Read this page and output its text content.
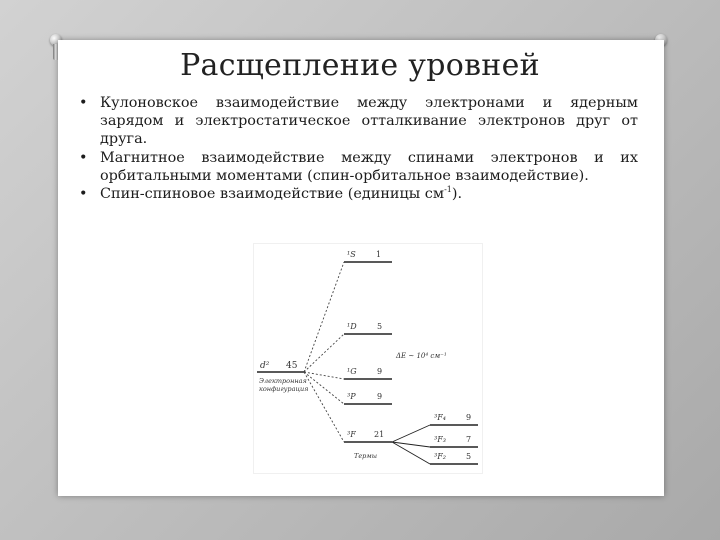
Расщепление уровней
• Кулоновское взаимодействие между электронами и ядерным зарядом и электростатическое отталкивание электронов друг от друга.
• Магнитное взаимодействие между спинами электронов и их орбитальными моментами (спин-орбитальное взаимодействие).
• Спин-спиновое взаимодействие (единицы $см^{-1}$).
d² 45
Электронная
конфигурация
¹S	1
¹D	5
ΔE ~ 10⁴ см⁻¹
¹G	9
³P	9
³F 21
Термы
³F₄	9
³F₃	7
³F₂	5
